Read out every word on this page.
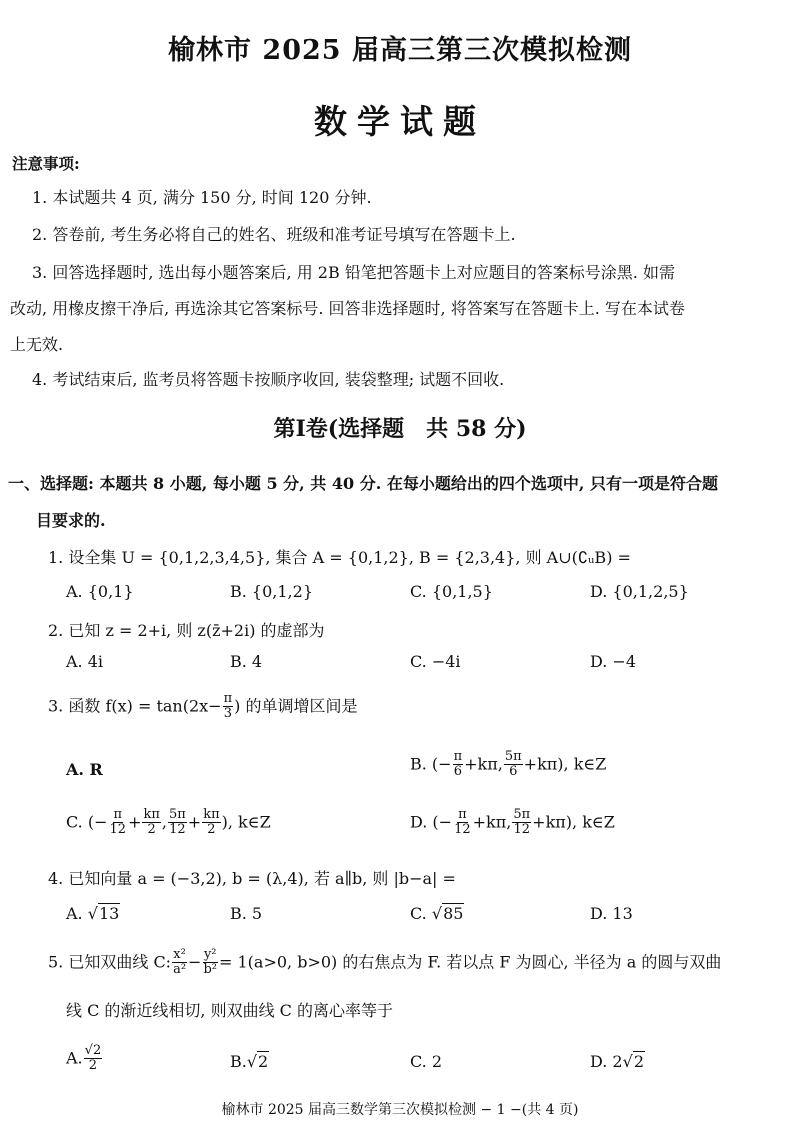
榆林市 2025 届高三第三次模拟检测
数学试题
注意事项:
1. 本试题共 4 页, 满分 150 分, 时间 120 分钟.
2. 答卷前, 考生务必将自己的姓名、班级和准考证号填写在答题卡上.
3. 回答选择题时, 选出每小题答案后, 用 2B 铅笔把答题卡上对应题目的答案标号涂黑. 如需
改动, 用橡皮擦干净后, 再选涂其它答案标号. 回答非选择题时, 将答案写在答题卡上. 写在本试卷
上无效.
4. 考试结束后, 监考员将答题卡按顺序收回, 装袋整理; 试题不回收.
第Ⅰ卷(选择题　共 58 分)
一、选择题: 本题共 8 小题, 每小题 5 分, 共 40 分. 在每小题给出的四个选项中, 只有一项是符合题
目要求的.
1. 设全集 U = {0,1,2,3,4,5}, 集合 A = {0,1,2}, B = {2,3,4}, 则 A∪(∁ᵤB) =
A. {0,1}	B. {0,1,2}	C. {0,1,5}	D. {0,1,2,5}
2. 已知 z = 2+i, 则 z(z̄+2i) 的虚部为
A. 4i	B. 4	C. −4i	D. −4
3. 函数 $f(x) = \tan(2x- \frac{\pi}{3}$ ) 的单调增区间是
A. R	B. (− $\frac{\pi}{6} +k\pi$, $\frac{5\pi}{6} +k\pi$), k∈Z
C. (− $\frac{\pi}{12} + \frac{k\pi}{2}$ , $\frac{5\pi}{12} + \frac{k\pi}{2}$ ), k∈Z	D. (− $\frac{\pi}{12} +k\pi$, $\frac{5\pi}{12} +k\pi$), k∈Z
4. 已知向量 a = (−3,2), b = (λ,4), 若 a∥b, 则 |b−a| =
A. √13	B. 5	C. √85	D. 13
5. 已知双曲线 C: $\frac{\text{x²}}{\text{a²}} - \frac{\text{y²}}{\text{b²}} = 1(a>0$, b>0) 的右焦点为 F. 若以点 F 为圆心, 半径为 a 的圆与双曲
线 C 的渐近线相切, 则双曲线 C 的离心率等于
A. $\frac{√2}{2}$	B.√2	C. 2	D. 2√2
榆林市 2025 届高三数学第三次模拟检测 − 1 −(共 4 页)
